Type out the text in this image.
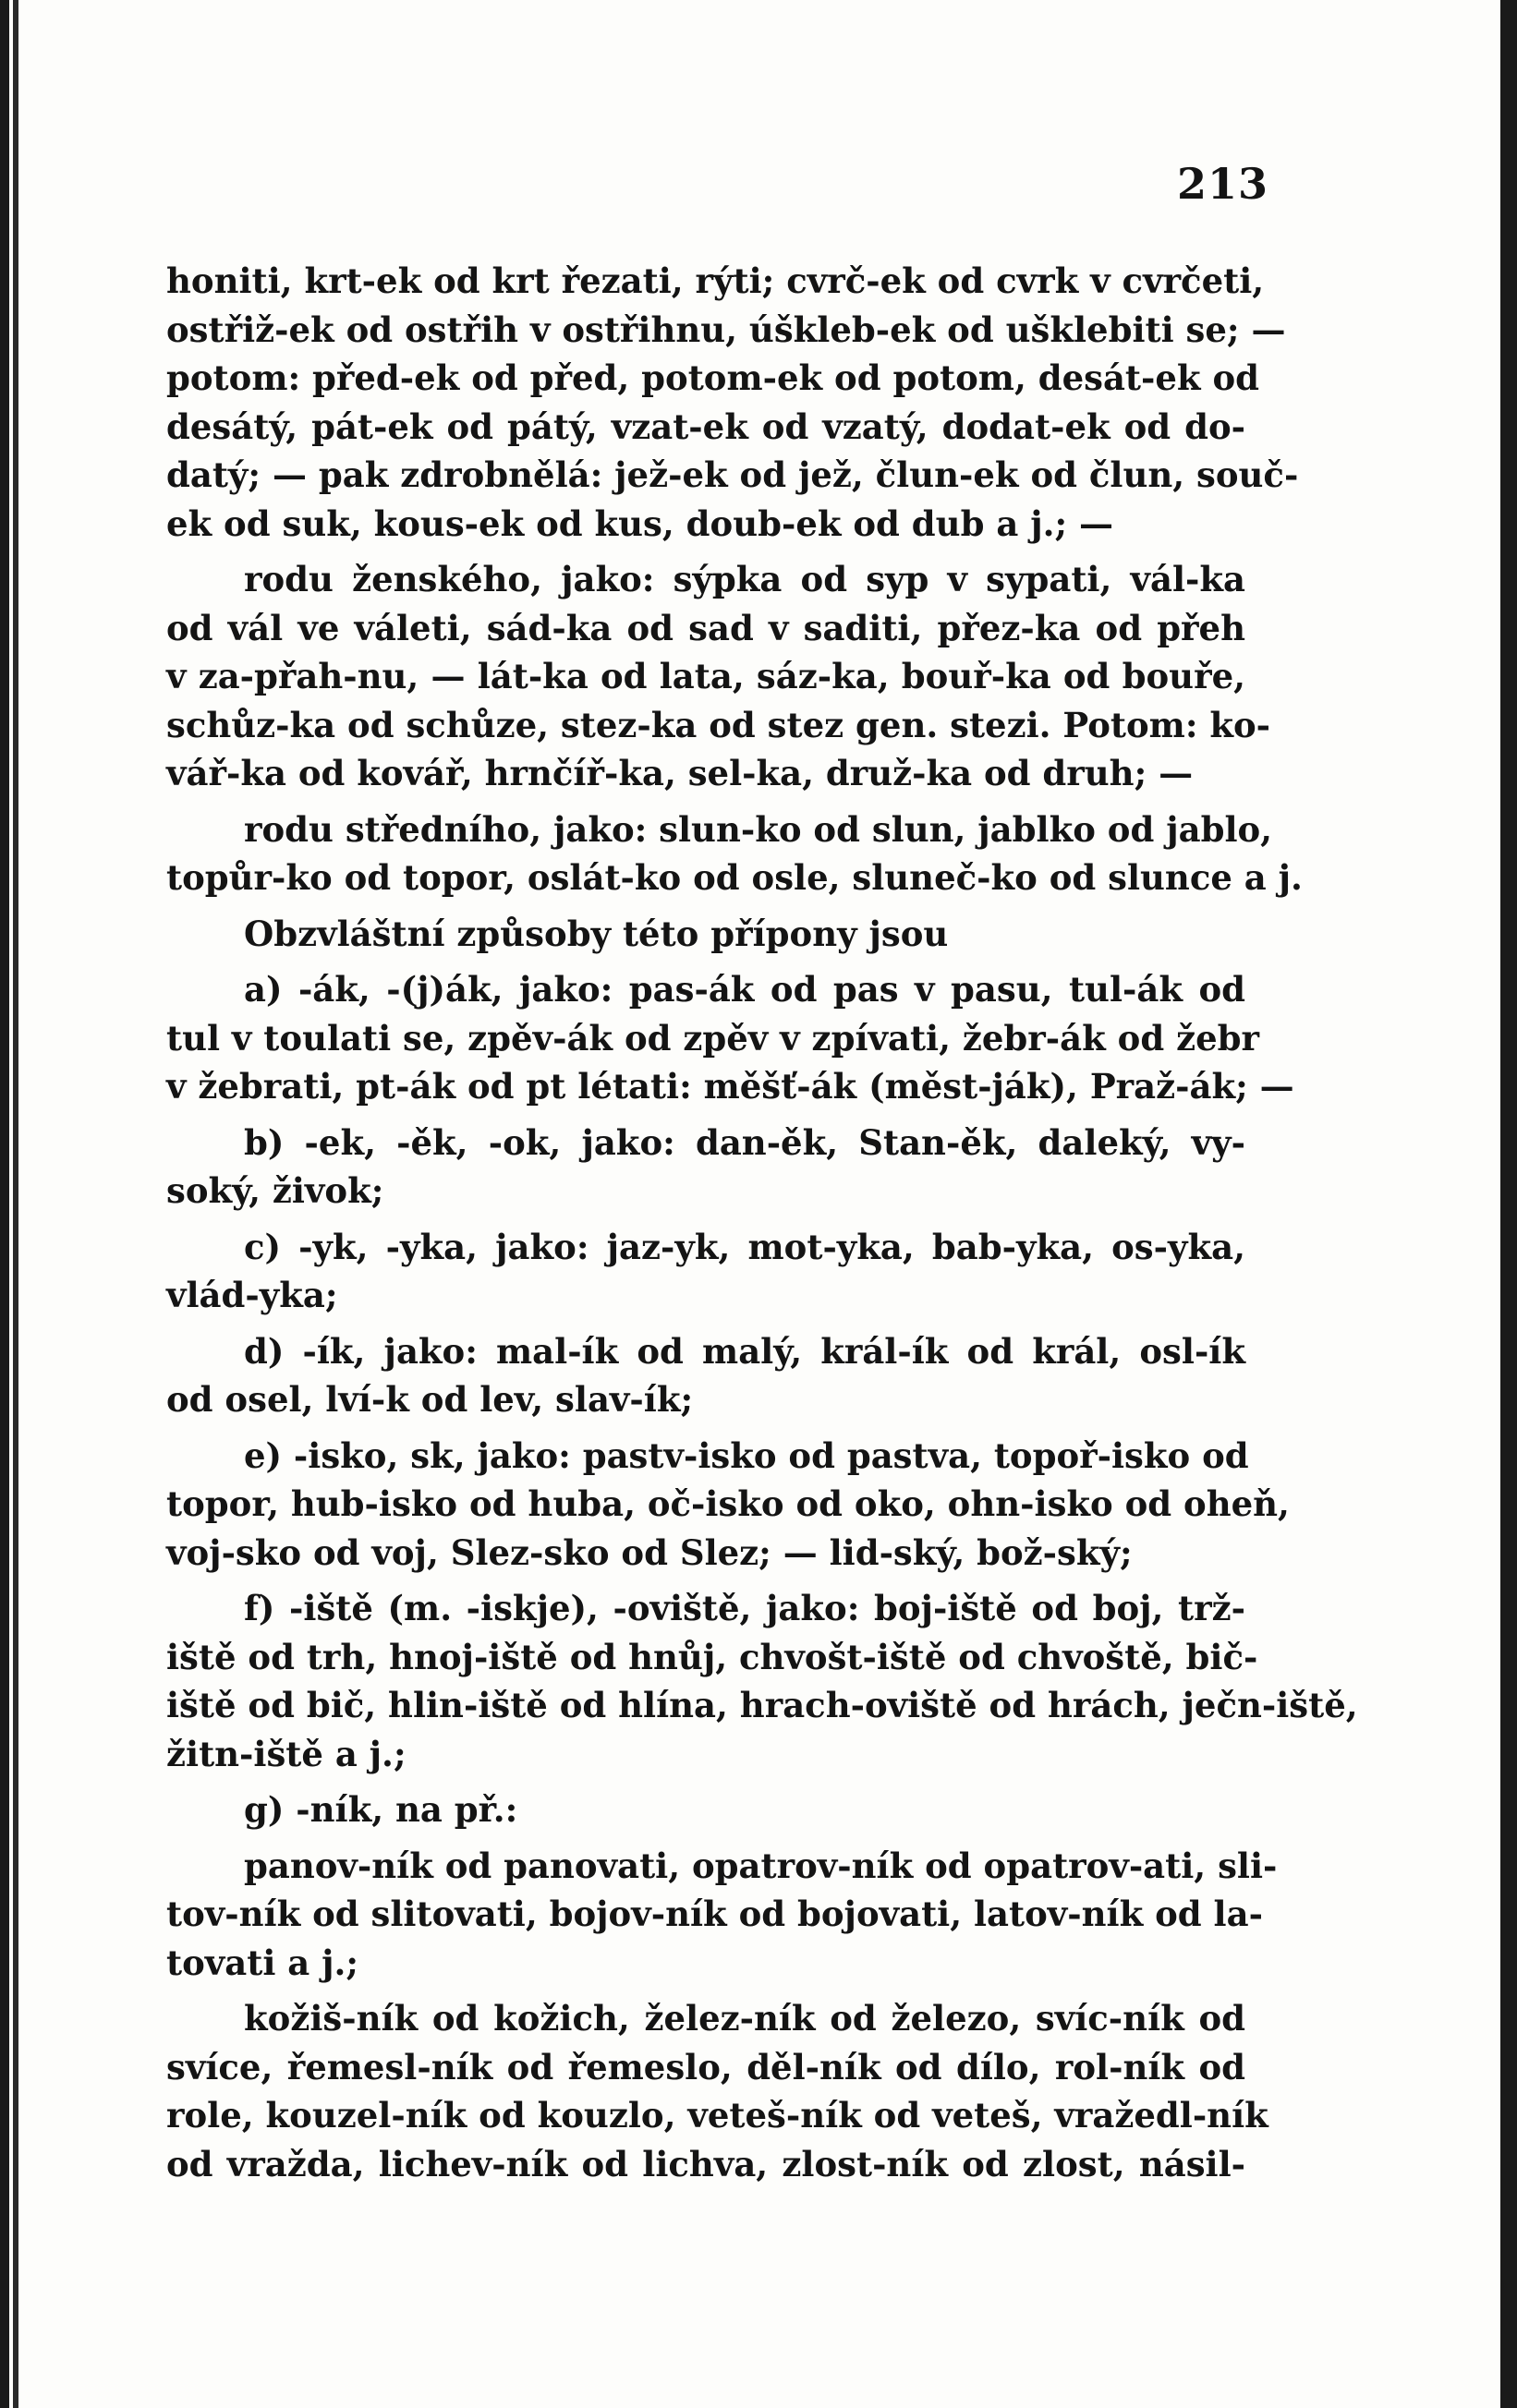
213
honiti, krt-ek od krt řezati, rýti; cvrč-ek od cvrk v cvrčeti,
ostřiž-ek od ostřih v ostřihnu, úškleb-ek od ušklebiti se; —
potom: před-ek od před, potom-ek od potom, desát-ek od
desátý, pát-ek od pátý, vzat-ek od vzatý, dodat-ek od do-
datý; — pak zdrobnělá: jež-ek od jež, člun-ek od člun, souč-
ek od suk, kous-ek od kus, doub-ek od dub a j.; —
rodu ženského, jako: sýpka od syp v sypati, vál-ka
od vál ve váleti, sád-ka od sad v saditi, přez-ka od přeh
v za-přah-nu, — lát-ka od lata, sáz-ka, bouř-ka od bouře,
schůz-ka od schůze, stez-ka od stez gen. stezi. Potom: ko-
vář-ka od kovář, hrnčíř-ka, sel-ka, druž-ka od druh; —
rodu středního, jako: slun-ko od slun, jablko od jablo,
topůr-ko od topor, oslát-ko od osle, sluneč-ko od slunce a j.
Obzvláštní způsoby této přípony jsou
a) -ák, -(j)ák, jako: pas-ák od pas v pasu, tul-ák od
tul v toulati se, zpěv-ák od zpěv v zpívati, žebr-ák od žebr
v žebrati, pt-ák od pt létati: měšť-ák (měst-ják), Praž-ák; —
b) -ek, -ěk, -ok, jako: dan-ěk, Stan-ěk, daleký, vy-
soký, živok;
c) -yk, -yka, jako: jaz-yk, mot-yka, bab-yka, os-yka,
vlád-yka;
d) -ík, jako: mal-ík od malý, král-ík od král, osl-ík
od osel, lví-k od lev, slav-ík;
e) -isko, sk, jako: pastv-isko od pastva, topoř-isko od
topor, hub-isko od huba, oč-isko od oko, ohn-isko od oheň,
voj-sko od voj, Slez-sko od Slez; — lid-ský, bož-ský;
f) -iště (m. -iskje), -oviště, jako: boj-iště od boj, trž-
iště od trh, hnoj-iště od hnůj, chvošt-iště od chvoště, bič-
iště od bič, hlin-iště od hlína, hrach-oviště od hrách, ječn-iště,
žitn-iště a j.;
g) -ník, na př.:
panov-ník od panovati, opatrov-ník od opatrov-ati, sli-
tov-ník od slitovati, bojov-ník od bojovati, latov-ník od la-
tovati a j.;
kožiš-ník od kožich, želez-ník od železo, svíc-ník od
svíce, řemesl-ník od řemeslo, děl-ník od dílo, rol-ník od
role, kouzel-ník od kouzlo, veteš-ník od veteš, vražedl-ník
od vražda, lichev-ník od lichva, zlost-ník od zlost, násil-
